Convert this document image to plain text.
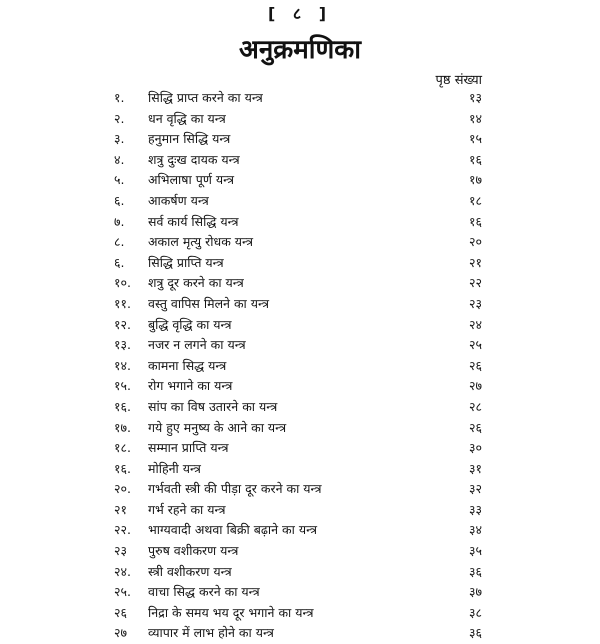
[ ८ ]
अनुक्रमणिका
पृष्ठ संख्या
१.	सिद्धि प्राप्त करने का यन्त्र	१३
२.	धन वृद्धि का यन्त्र	१४
३.	हनुमान सिद्धि यन्त्र	१५
४.	शत्रु दुःख दायक यन्त्र	१६
५.	अभिलाषा पूर्ण यन्त्र	१७
६.	आकर्षण यन्त्र	१८
७.	सर्व कार्य सिद्धि यन्त्र	१६
८.	अकाल मृत्यु रोधक यन्त्र	२०
६.	सिद्धि प्राप्ति यन्त्र	२१
१०.	शत्रु दूर करने का यन्त्र	२२
११.	वस्तु वापिस मिलने का यन्त्र	२३
१२.	बुद्धि वृद्धि का यन्त्र	२४
१३.	नजर न लगने का यन्त्र	२५
१४.	कामना सिद्ध यन्त्र	२६
१५.	रोग भगाने का यन्त्र	२७
१६.	सांप का विष उतारने का यन्त्र	२८
१७.	गये हुए मनुष्य के आने का यन्त्र	२६
१८.	सम्मान प्राप्ति यन्त्र	३०
१६.	मोहिनी यन्त्र	३१
२०.	गर्भवती स्त्री की पीड़ा दूर करने का यन्त्र	३२
२१	गर्भ रहने का यन्त्र	३३
२२.	भाग्यवादी अथवा बिक्री बढ़ाने का यन्त्र	३४
२३	पुरुष वशीकरण यन्त्र	३५
२४.	स्त्री वशीकरण यन्त्र	३६
२५.	वाचा सिद्ध करने का यन्त्र	३७
२६	निद्रा के समय भय दूर भगाने का यन्त्र	३८
२७	व्यापार में लाभ होने का यन्त्र	३६
